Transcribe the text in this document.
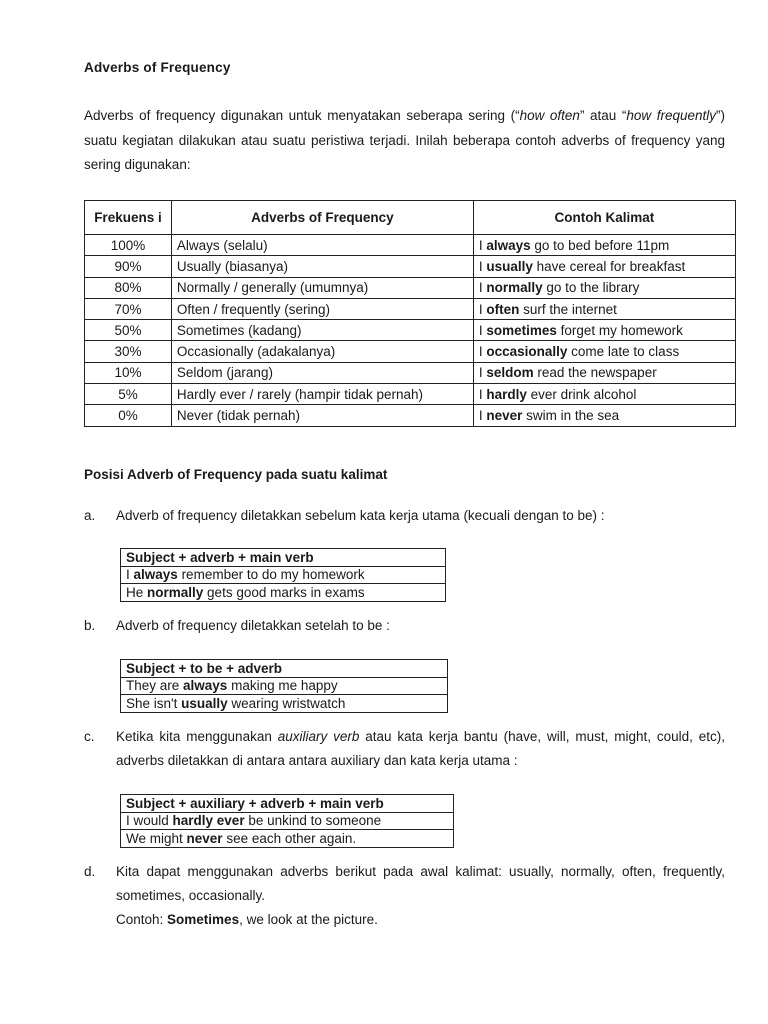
Adverbs of Frequency
Adverbs of frequency digunakan untuk menyatakan seberapa sering (“how often” atau “how frequently”) suatu kegiatan dilakukan atau suatu peristiwa terjadi. Inilah beberapa contoh adverbs of frequency yang sering digunakan:
Frekuens i	Adverbs of Frequency	Contoh Kalimat
100%	Always (selalu)	I always go to bed before 11pm
90%	Usually (biasanya)	I usually have cereal for breakfast
80%	Normally / generally (umumnya)	I normally go to the library
70%	Often / frequently (sering)	I often surf the internet
50%	Sometimes (kadang)	I sometimes forget my homework
30%	Occasionally (adakalanya)	I occasionally come late to class
10%	Seldom (jarang)	I seldom read the newspaper
5%	Hardly ever / rarely (hampir tidak pernah)	I hardly ever drink alcohol
0%	Never (tidak pernah)	I never swim in the sea
Posisi Adverb of Frequency pada suatu kalimat
a. Adverb of frequency diletakkan sebelum kata kerja utama (kecuali dengan to be) :
Subject + adverb + main verb
I always remember to do my homework
He normally gets good marks in exams
b. Adverb of frequency diletakkan setelah to be :
Subject + to be + adverb
They are always making me happy
She isn't usually wearing wristwatch
c. Ketika kita menggunakan auxiliary verb atau kata kerja bantu (have, will, must, might, could, etc), adverbs diletakkan di antara antara auxiliary dan kata kerja utama :
Subject + auxiliary + adverb + main verb
I would hardly ever be unkind to someone
We might never see each other again.
d. Kita dapat menggunakan adverbs berikut pada awal kalimat: usually, normally, often, frequently, sometimes, occasionally.
Contoh: Sometimes, we look at the picture.
